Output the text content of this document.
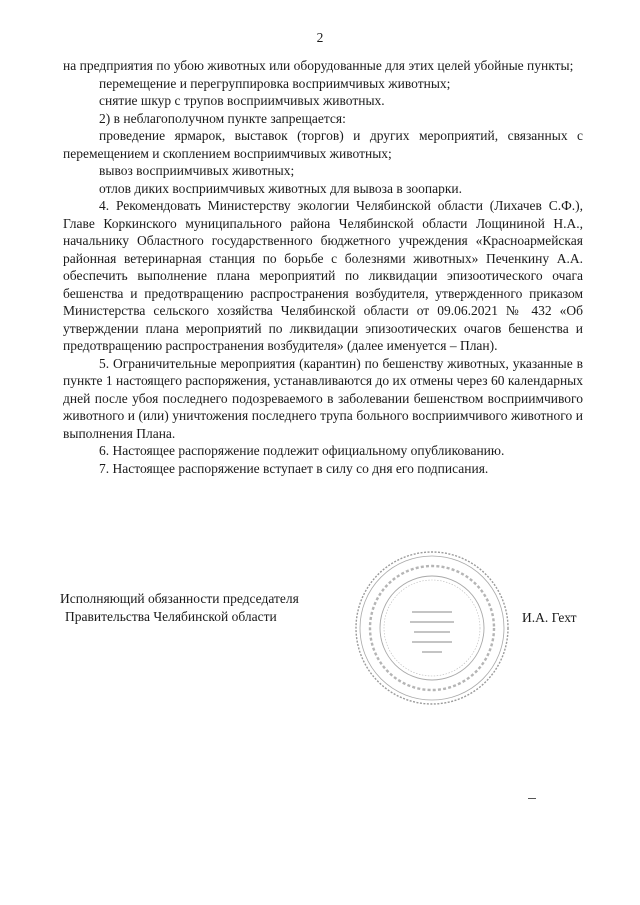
2

на предприятия по убою животных или оборудованные для этих целей убойные пункты;

перемещение и перегруппировка восприимчивых животных;

снятие шкур с трупов восприимчивых животных.

2) в неблагополучном пункте запрещается:

проведение ярмарок, выставок (торгов) и других мероприятий, связанных с перемещением и скоплением восприимчивых животных;

вывоз восприимчивых животных;

отлов диких восприимчивых животных для вывоза в зоопарки.

4. Рекомендовать Министерству экологии Челябинской области (Лихачев С.Ф.), Главе Коркинского муниципального района Челябинской области Лощининой Н.А., начальнику Областного государственного бюджетного учреждения «Красноармейская районная ветеринарная станция по борьбе с болезнями животных» Печенкину А.А. обеспечить выполнение плана мероприятий по ликвидации эпизоотического очага бешенства и предотвращению распространения возбудителя, утвержденного приказом Министерства сельского хозяйства Челябинской области от 09.06.2021 № 432 «Об утверждении плана мероприятий по ликвидации эпизоотических очагов бешенства и предотвращению распространения возбудителя» (далее именуется – План).

5. Ограничительные мероприятия (карантин) по бешенству животных, указанные в пункте 1 настоящего распоряжения, устанавливаются до их отмены через 60 календарных дней после убоя последнего подозреваемого в заболевании бешенством восприимчивого животного и (или) уничтожения последнего трупа больного восприимчивого животного и выполнения Плана.

6. Настоящее распоряжение подлежит официальному опубликованию.

7. Настоящее распоряжение вступает в силу со дня его подписания.

Исполняющий обязанности председателя
Правительства Челябинской области	И.А. Гехт
